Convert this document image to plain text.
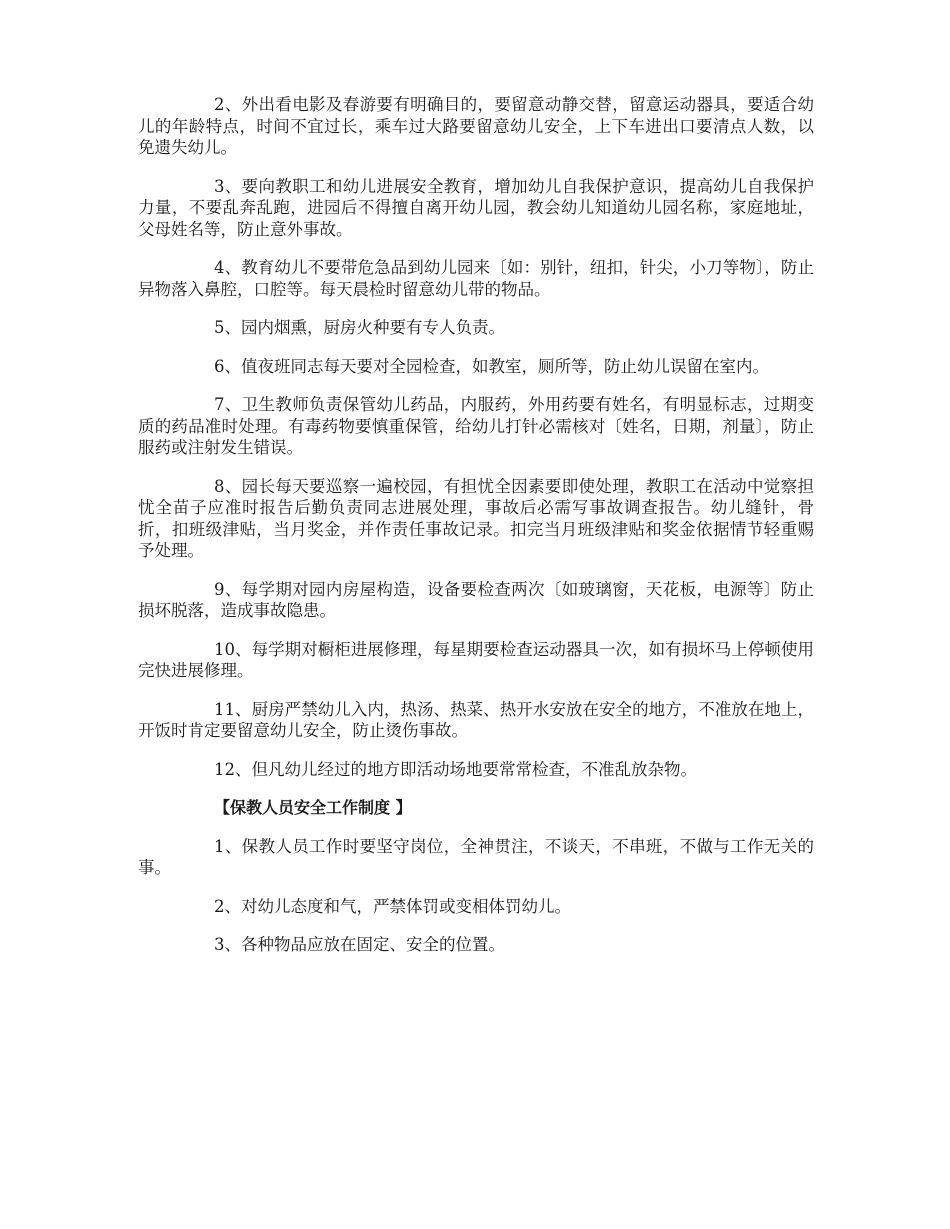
2、外出看电影及春游要有明确目的，要留意动静交替，留意运动器具，要适合幼儿的年龄特点，时间不宜过长，乘车过大路要留意幼儿安全，上下车进出口要清点人数，以免遗失幼儿。

3、要向教职工和幼儿进展安全教育，增加幼儿自我保护意识，提高幼儿自我保护力量，不要乱奔乱跑，进园后不得擅自离开幼儿园，教会幼儿知道幼儿园名称，家庭地址，父母姓名等，防止意外事故。

4、教育幼儿不要带危急品到幼儿园来〔如：别针，纽扣，针尖，小刀等物〕，防止异物落入鼻腔，口腔等。每天晨检时留意幼儿带的物品。

5、园内烟熏，厨房火种要有专人负责。

6、值夜班同志每天要对全园检查，如教室，厕所等，防止幼儿误留在室内。

7、卫生教师负责保管幼儿药品，内服药，外用药要有姓名，有明显标志，过期变质的药品准时处理。有毒药物要慎重保管，给幼儿打针必需核对〔姓名，日期，剂量〕，防止服药或注射发生错误。

8、园长每天要巡察一遍校园，有担忧全因素要即使处理，教职工在活动中觉察担忧全苗子应准时报告后勤负责同志进展处理，事故后必需写事故调查报告。幼儿缝针，骨折，扣班级津贴，当月奖金，并作责任事故记录。扣完当月班级津贴和奖金依据情节轻重赐予处理。

9、每学期对园内房屋构造，设备要检查两次〔如玻璃窗，天花板，电源等〕防止损坏脱落，造成事故隐患。

10、每学期对橱柜进展修理，每星期要检查运动器具一次，如有损坏马上停顿使用完快进展修理。

11、厨房严禁幼儿入内，热汤、热菜、热开水安放在安全的地方，不准放在地上，开饭时肯定要留意幼儿安全，防止烫伤事故。

12、但凡幼儿经过的地方即活动场地要常常检查，不准乱放杂物。

【保教人员安全工作制度 】

1、保教人员工作时要坚守岗位，全神贯注，不谈天，不串班，不做与工作无关的事。

2、对幼儿态度和气，严禁体罚或变相体罚幼儿。

3、各种物品应放在固定、安全的位置。
